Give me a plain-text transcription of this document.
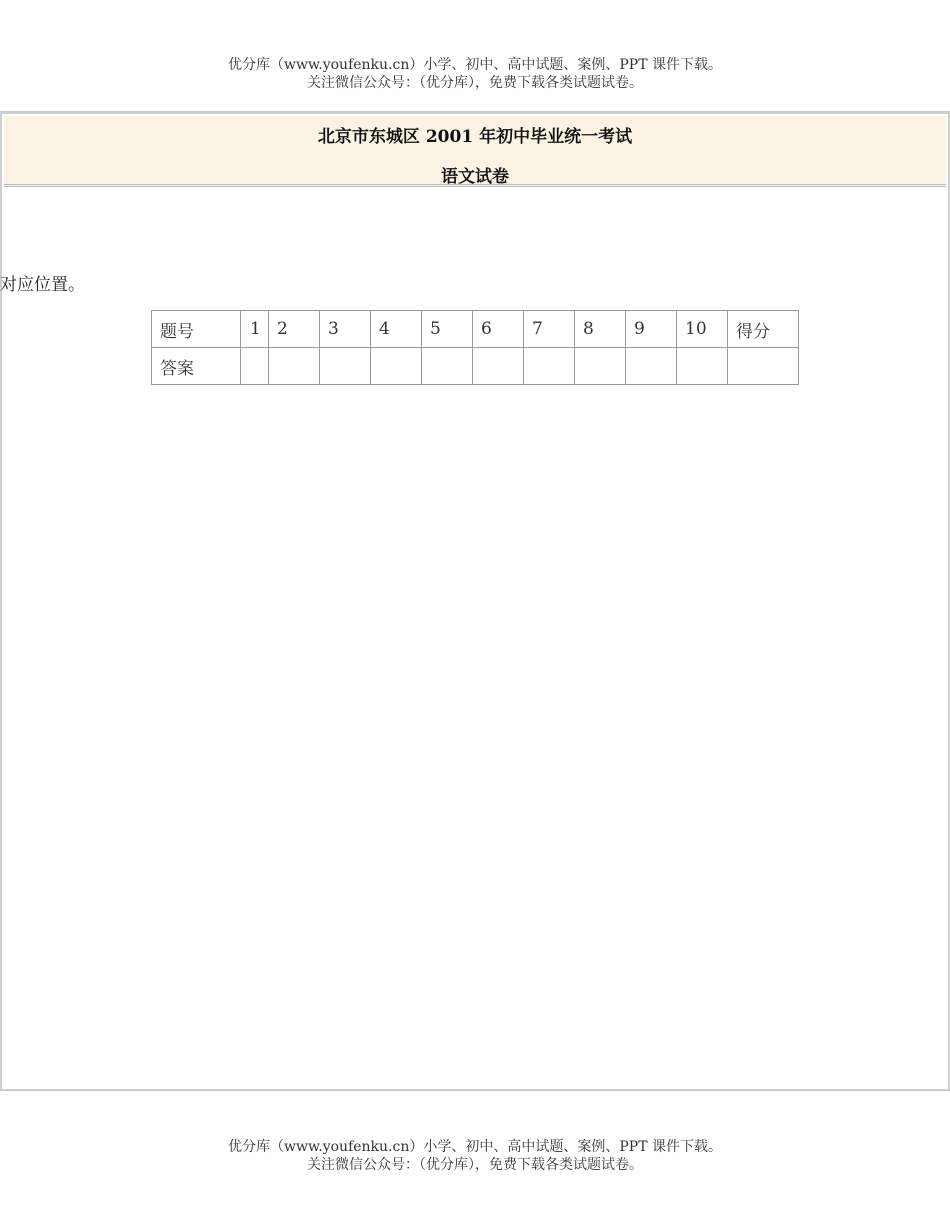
优分库（www.youfenku.cn）小学、初中、高中试题、案例、PPT 课件下载。
关注微信公众号：（优分库），免费下载各类试题试卷。
北京市东城区 2001 年初中毕业统一考试
语文试卷
对应位置。
题号	1	2	3	4	5	6	7	8	9	10	得分
答案											
优分库（www.youfenku.cn）小学、初中、高中试题、案例、PPT 课件下载。
关注微信公众号：（优分库），免费下载各类试题试卷。
